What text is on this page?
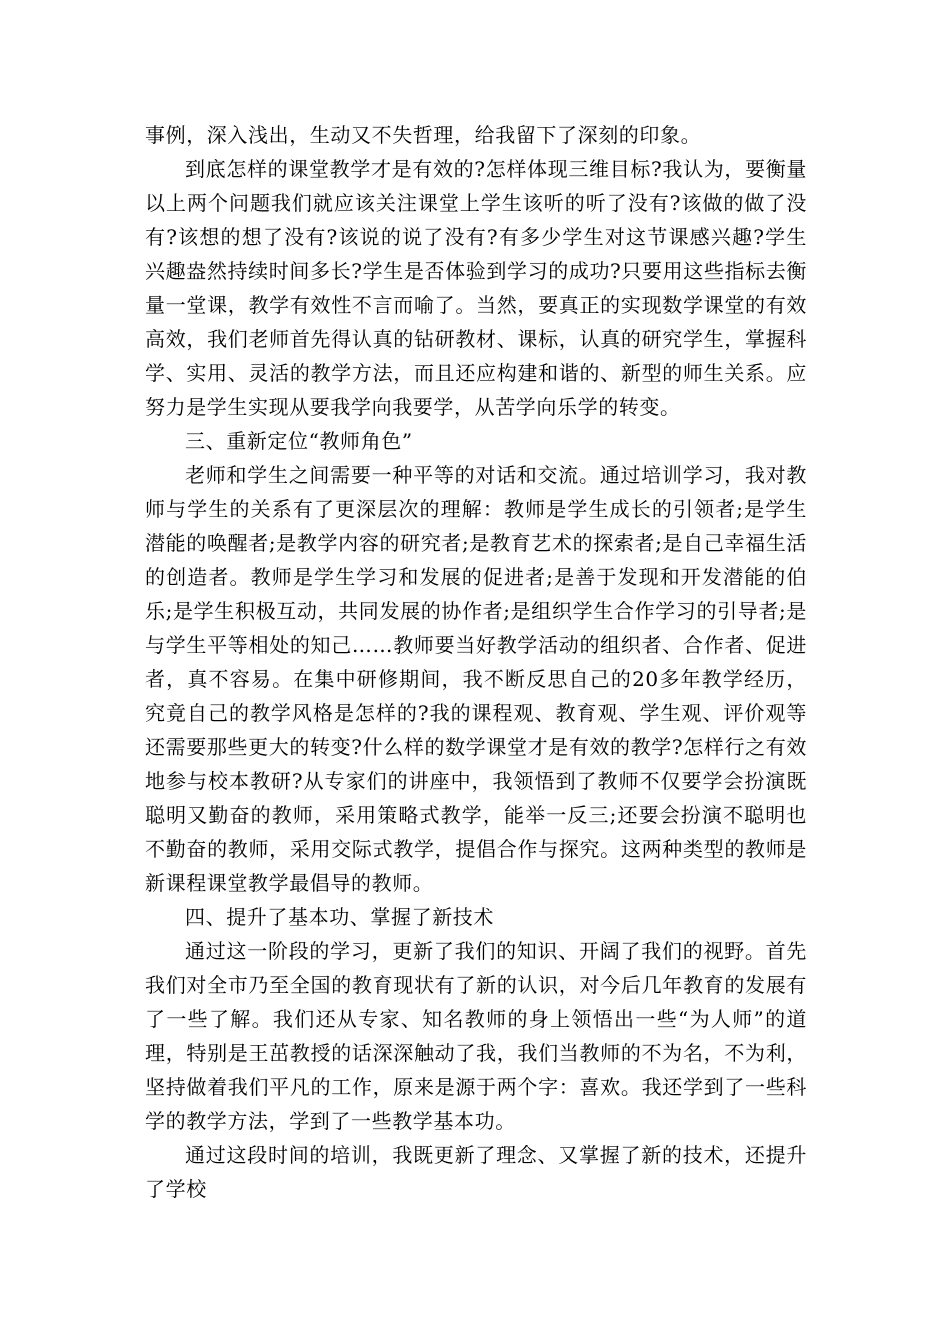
事例，深入浅出，生动又不失哲理，给我留下了深刻的印象。

到底怎样的课堂教学才是有效的?怎样体现三维目标?我认为，要衡量以上两个问题我们就应该关注课堂上学生该听的听了没有?该做的做了没有?该想的想了没有?该说的说了没有?有多少学生对这节课感兴趣?学生兴趣盎然持续时间多长?学生是否体验到学习的成功?只要用这些指标去衡量一堂课，教学有效性不言而喻了。当然，要真正的实现数学课堂的有效高效，我们老师首先得认真的钻研教材、课标，认真的研究学生，掌握科学、实用、灵活的教学方法，而且还应构建和谐的、新型的师生关系。应努力是学生实现从要我学向我要学，从苦学向乐学的转变。

三、重新定位“教师角色”

老师和学生之间需要一种平等的对话和交流。通过培训学习，我对教师与学生的关系有了更深层次的理解：教师是学生成长的引领者;是学生潜能的唤醒者;是教学内容的研究者;是教育艺术的探索者;是自己幸福生活的创造者。教师是学生学习和发展的促进者;是善于发现和开发潜能的伯乐;是学生积极互动，共同发展的协作者;是组织学生合作学习的引导者;是与学生平等相处的知己……教师要当好教学活动的组织者、合作者、促进者，真不容易。在集中研修期间，我不断反思自己的20多年教学经历，究竟自己的教学风格是怎样的?我的课程观、教育观、学生观、评价观等还需要那些更大的转变?什么样的数学课堂才是有效的教学?怎样行之有效地参与校本教研?从专家们的讲座中，我领悟到了教师不仅要学会扮演既聪明又勤奋的教师，采用策略式教学，能举一反三;还要会扮演不聪明也不勤奋的教师，采用交际式教学，提倡合作与探究。这两种类型的教师是新课程课堂教学最倡导的教师。

四、提升了基本功、掌握了新技术

通过这一阶段的学习，更新了我们的知识、开阔了我们的视野。首先我们对全市乃至全国的教育现状有了新的认识，对今后几年教育的发展有了一些了解。我们还从专家、知名教师的身上领悟出一些“为人师”的道理，特别是王茁教授的话深深触动了我，我们当教师的不为名，不为利，坚持做着我们平凡的工作，原来是源于两个字：喜欢。我还学到了一些科学的教学方法，学到了一些教学基本功。

通过这段时间的培训，我既更新了理念、又掌握了新的技术，还提升了学校
